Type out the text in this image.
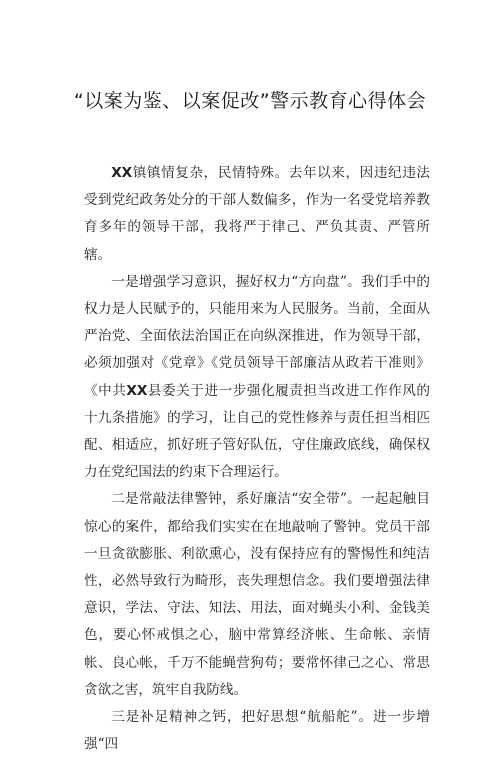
“以案为鉴、以案促改”警示教育心得体会

XX镇镇情复杂，民情特殊。去年以来，因违纪违法受到党纪政务处分的干部人数偏多，作为一名受党培养教育多年的领导干部，我将严于律己、严负其责、严管所辖。

一是增强学习意识，握好权力“方向盘”。我们手中的权力是人民赋予的，只能用来为人民服务。当前，全面从严治党、全面依法治国正在向纵深推进，作为领导干部，必须加强对《党章》《党员领导干部廉洁从政若干准则》《中共XX县委关于进一步强化履责担当改进工作作风的十九条措施》的学习，让自己的党性修养与责任担当相匹配、相适应，抓好班子管好队伍，守住廉政底线，确保权力在党纪国法的约束下合理运行。

二是常敲法律警钟，系好廉洁“安全带”。一起起触目惊心的案件，都给我们实实在在地敲响了警钟。党员干部一旦贪欲膨胀、利欲熏心，没有保持应有的警惕性和纯洁性，必然导致行为畸形，丧失理想信念。我们要增强法律意识，学法、守法、知法、用法，面对蝇头小利、金钱美色，要心怀戒惧之心，脑中常算经济帐、生命帐、亲情帐、良心帐，千万不能蝇营狗苟；要常怀律己之心、常思贪欲之害，筑牢自我防线。

三是补足精神之钙，把好思想“航船舵”。进一步增强“四
